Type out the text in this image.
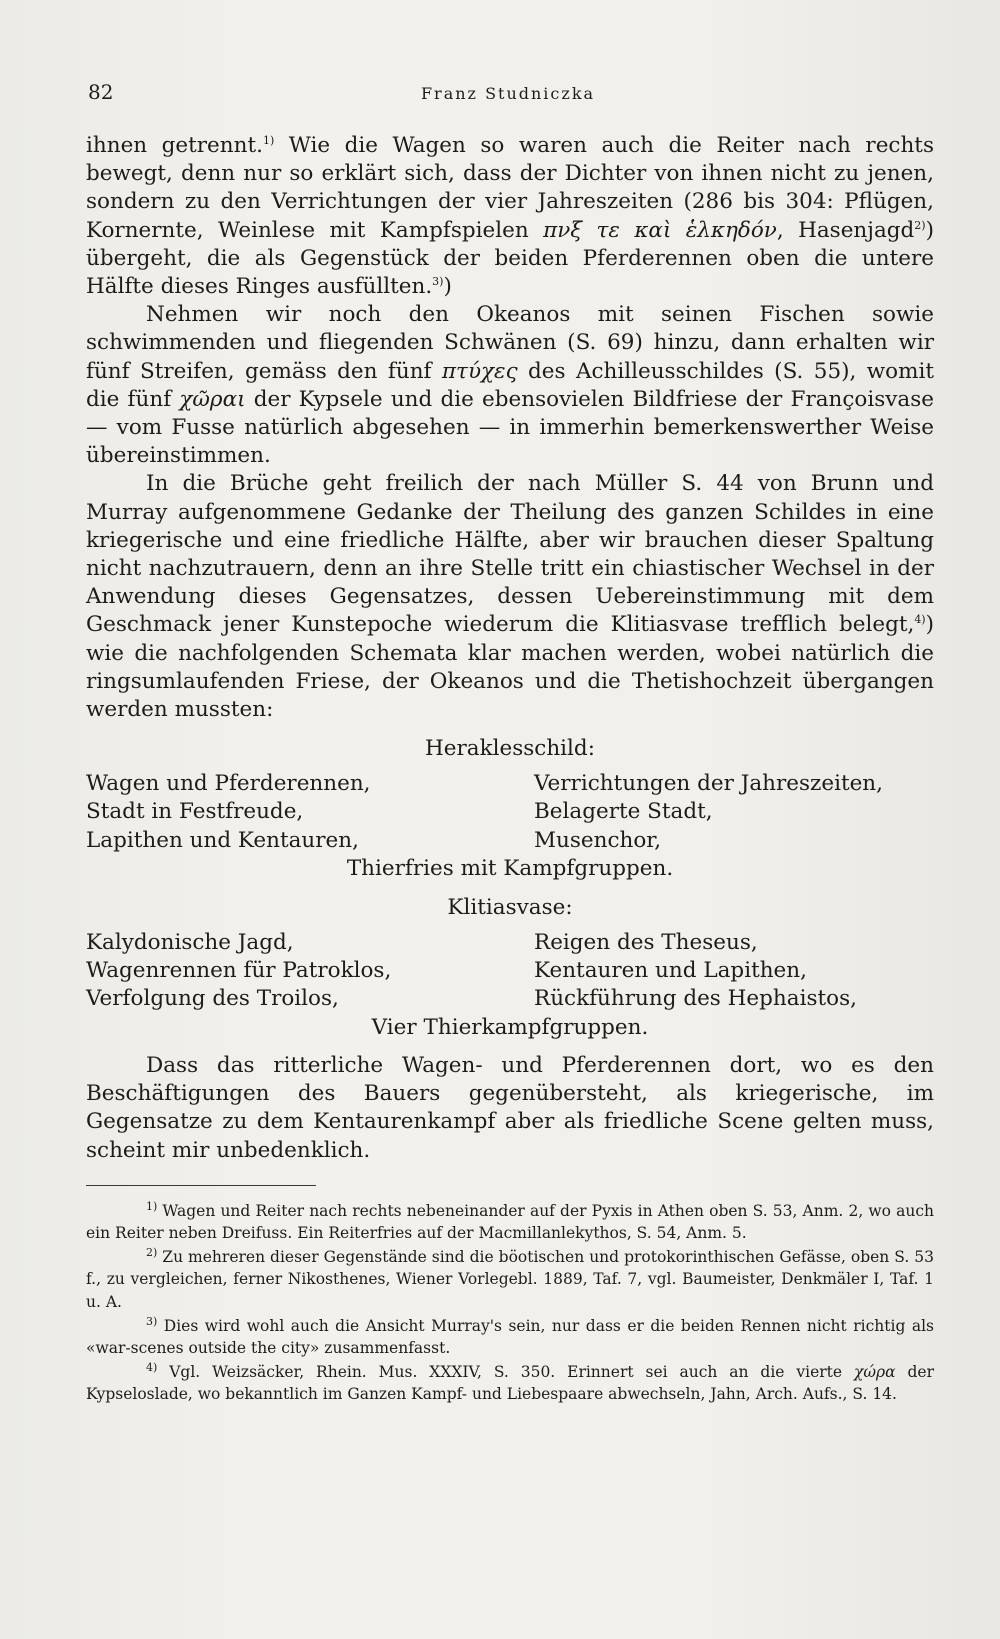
82	Franz Studniczka

ihnen getrennt.$^{1)}$ Wie die Wagen so waren auch die Reiter nach rechts bewegt, denn nur so erklärt sich, dass der Dichter von ihnen nicht zu jenen, sondern zu den Verrichtungen der vier Jahreszeiten (286 bis 304: Pflügen, Kornernte, Weinlese mit Kampfspielen πνξ τε καὶ ἑλκηδόν, Hasenjagd$^{2)}$) übergeht, die als Gegenstück der beiden Pferderennen oben die untere Hälfte dieses Ringes ausfüllten.$^{3)}$)

Nehmen wir noch den Okeanos mit seinen Fischen sowie schwimmenden und fliegenden Schwänen (S. 69) hinzu, dann erhalten wir fünf Streifen, gemäss den fünf πτύχες des Achilleusschildes (S. 55), womit die fünf χῶραι der Kypsele und die ebensovielen Bildfriese der Françoisvase — vom Fusse natürlich abgesehen — in immerhin bemerkenswerther Weise übereinstimmen.

In die Brüche geht freilich der nach Müller S. 44 von Brunn und Murray aufgenommene Gedanke der Theilung des ganzen Schildes in eine kriegerische und eine friedliche Hälfte, aber wir brauchen dieser Spaltung nicht nachzutrauern, denn an ihre Stelle tritt ein chiastischer Wechsel in der Anwendung dieses Gegensatzes, dessen Uebereinstimmung mit dem Geschmack jener Kunstepoche wiederum die Klitiasvase trefflich belegt,$^{4)}$) wie die nachfolgenden Schemata klar machen werden, wobei natürlich die ringsumlaufenden Friese, der Okeanos und die Thetishochzeit übergangen werden mussten:

Heraklesschild:
Wagen und Pferderennen,	Verrichtungen der Jahreszeiten,
Stadt in Festfreude,	Belagerte Stadt,
Lapithen und Kentauren,	Musenchor,
Thierfries mit Kampfgruppen.
Klitiasvase:
Kalydonische Jagd,	Reigen des Theseus,
Wagenrennen für Patroklos,	Kentauren und Lapithen,
Verfolgung des Troilos,	Rückführung des Hephaistos,
Vier Thierkampfgruppen.

Dass das ritterliche Wagen- und Pferderennen dort, wo es den Beschäftigungen des Bauers gegenübersteht, als kriegerische, im Gegensatze zu dem Kentaurenkampf aber als friedliche Scene gelten muss, scheint mir unbedenklich.

$^{1)}$ Wagen und Reiter nach rechts nebeneinander auf der Pyxis in Athen oben S. 53, Anm. 2, wo auch ein Reiter neben Dreifuss. Ein Reiterfries auf der Macmillanlekythos, S. 54, Anm. 5.

$^{2)}$ Zu mehreren dieser Gegenstände sind die böotischen und protokorinthischen Gefässe, oben S. 53 f., zu vergleichen, ferner Nikosthenes, Wiener Vorlegebl. 1889, Taf. 7, vgl. Baumeister, Denkmäler I, Taf. 1 u. A.

$^{3)}$ Dies wird wohl auch die Ansicht Murray's sein, nur dass er die beiden Rennen nicht richtig als «war-scenes outside the city» zusammenfasst.

$^{4)}$ Vgl. Weizsäcker, Rhein. Mus. XXXIV, S. 350. Erinnert sei auch an die vierte χώρα der Kypseloslade, wo bekanntlich im Ganzen Kampf- und Liebespaare abwechseln, Jahn, Arch. Aufs., S. 14.
